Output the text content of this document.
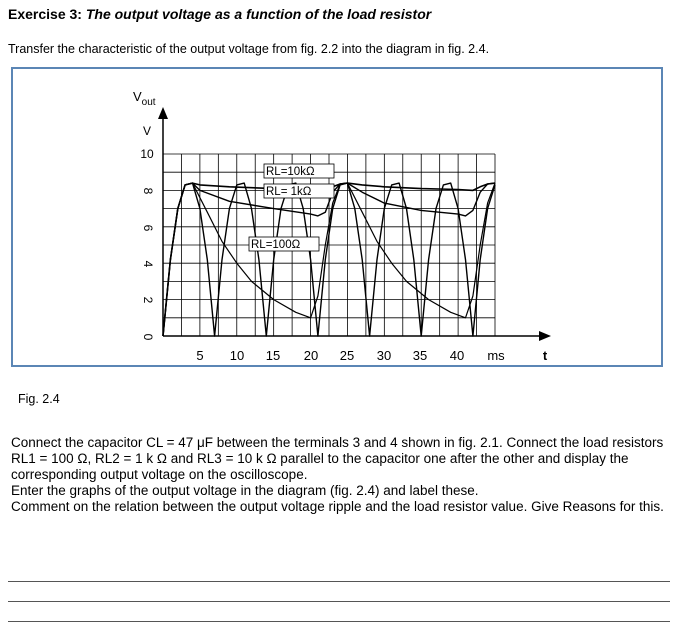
Exercise 3: The output voltage as a function of the load resistor
Transfer the characteristic of the output voltage from fig. 2.2 into the diagram in fig. 2.4.
10
8
6
4
2
0
V
$V_{out}$
5 10 15 20 25 30 35 40 ms	t
RL=10kΩ
RL= 1kΩ
RL=100Ω
Fig. 2.4

Connect the capacitor CL = 47 μF between the terminals 3 and 4 shown in fig. 2.1. Connect the load resistors RL1 = 100 Ω, RL2 = 1 k Ω and RL3 = 10 k Ω parallel to the capacitor one after the other and display the corresponding output voltage on the oscilloscope.

Enter the graphs of the output voltage in the diagram (fig. 2.4) and label these.

Comment on the relation between the output voltage ripple and the load resistor value. Give Reasons for this.
